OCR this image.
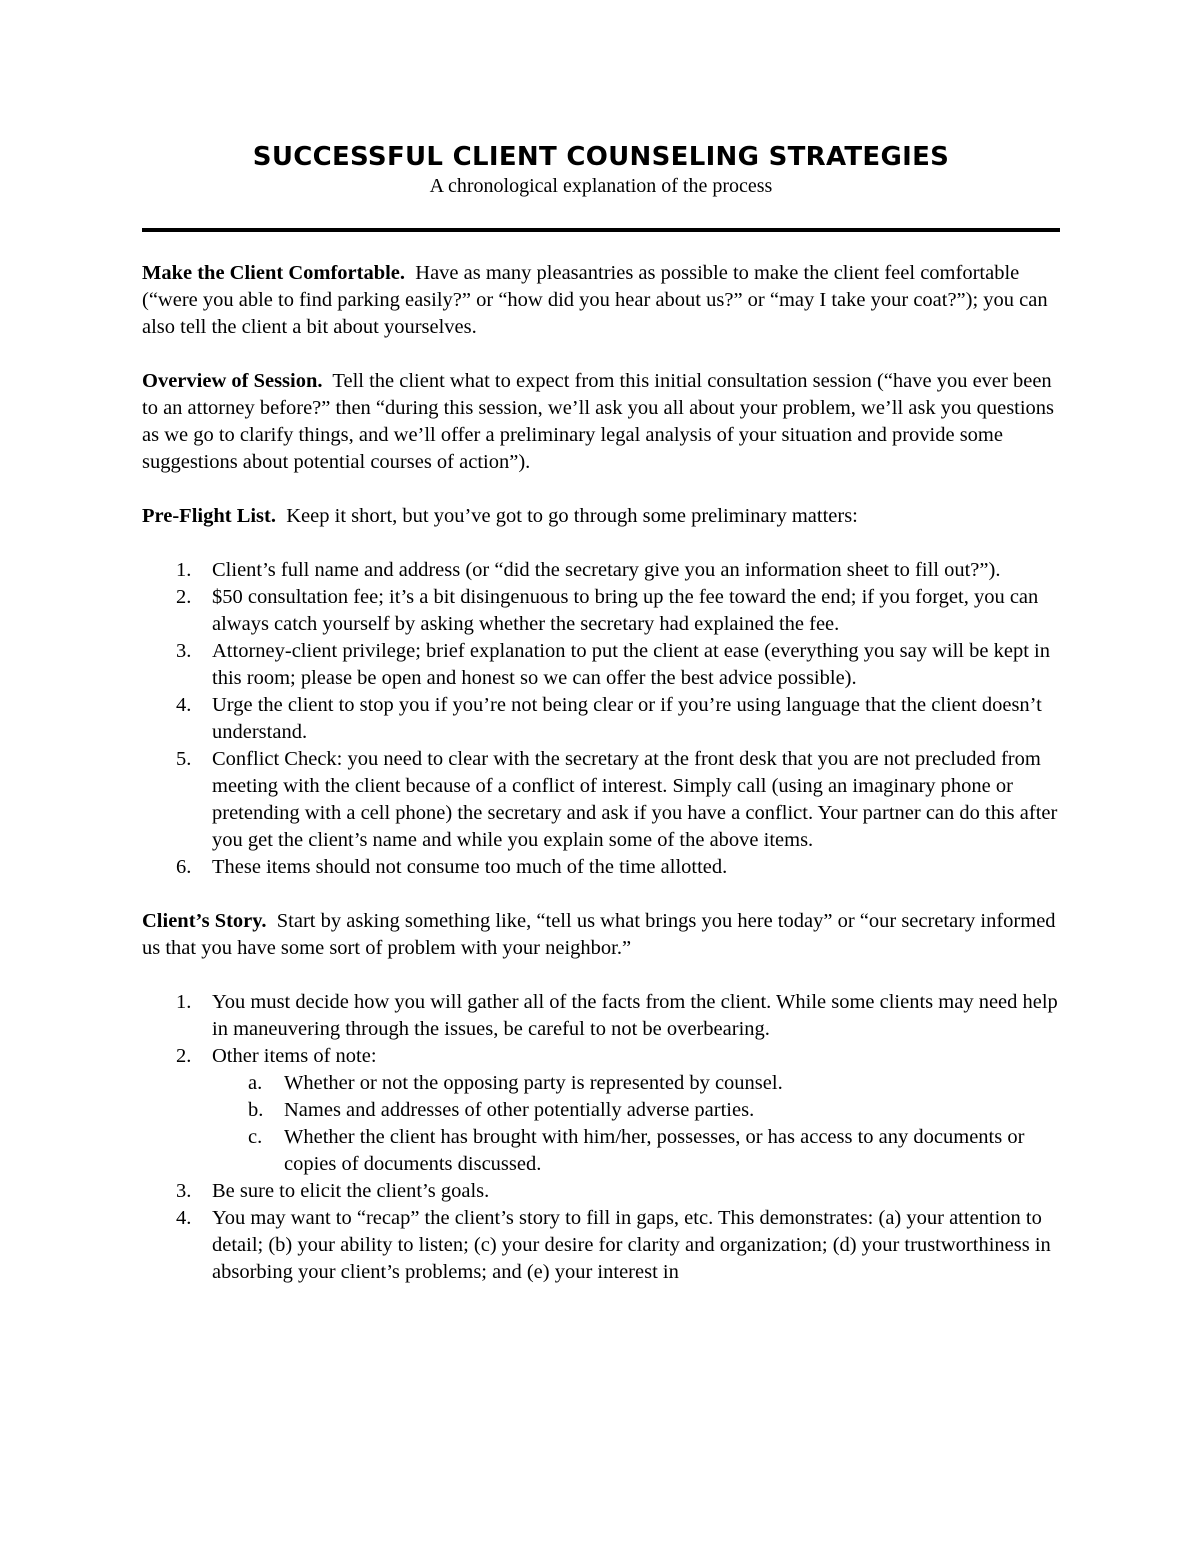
SUCCESSFUL CLIENT COUNSELING STRATEGIES

A chronological explanation of the process

Make the Client Comfortable. Have as many pleasantries as possible to make the client feel comfortable (“were you able to find parking easily?” or “how did you hear about us?” or “may I take your coat?”); you can also tell the client a bit about yourselves.

Overview of Session. Tell the client what to expect from this initial consultation session (“have you ever been to an attorney before?” then “during this session, we’ll ask you all about your problem, we’ll ask you questions as we go to clarify things, and we’ll offer a preliminary legal analysis of your situation and provide some suggestions about potential courses of action”).

Pre-Flight List. Keep it short, but you’ve got to go through some preliminary matters:

1. Client’s full name and address (or “did the secretary give you an information sheet to fill out?”).
2. $50 consultation fee; it’s a bit disingenuous to bring up the fee toward the end; if you forget, you can always catch yourself by asking whether the secretary had explained the fee.
3. Attorney-client privilege; brief explanation to put the client at ease (everything you say will be kept in this room; please be open and honest so we can offer the best advice possible).
4. Urge the client to stop you if you’re not being clear or if you’re using language that the client doesn’t understand.
5. Conflict Check: you need to clear with the secretary at the front desk that you are not precluded from meeting with the client because of a conflict of interest. Simply call (using an imaginary phone or pretending with a cell phone) the secretary and ask if you have a conflict. Your partner can do this after you get the client’s name and while you explain some of the above items.
6. These items should not consume too much of the time allotted.

Client’s Story. Start by asking something like, “tell us what brings you here today” or “our secretary informed us that you have some sort of problem with your neighbor.”

1. You must decide how you will gather all of the facts from the client. While some clients may need help in maneuvering through the issues, be careful to not be overbearing.
2. Other items of note:
a. Whether or not the opposing party is represented by counsel.
b. Names and addresses of other potentially adverse parties.
c. Whether the client has brought with him/her, possesses, or has access to any documents or copies of documents discussed.
3. Be sure to elicit the client’s goals.
4. You may want to “recap” the client’s story to fill in gaps, etc. This demonstrates: (a) your attention to detail; (b) your ability to listen; (c) your desire for clarity and organization; (d) your trustworthiness in absorbing your client’s problems; and (e) your interest in
